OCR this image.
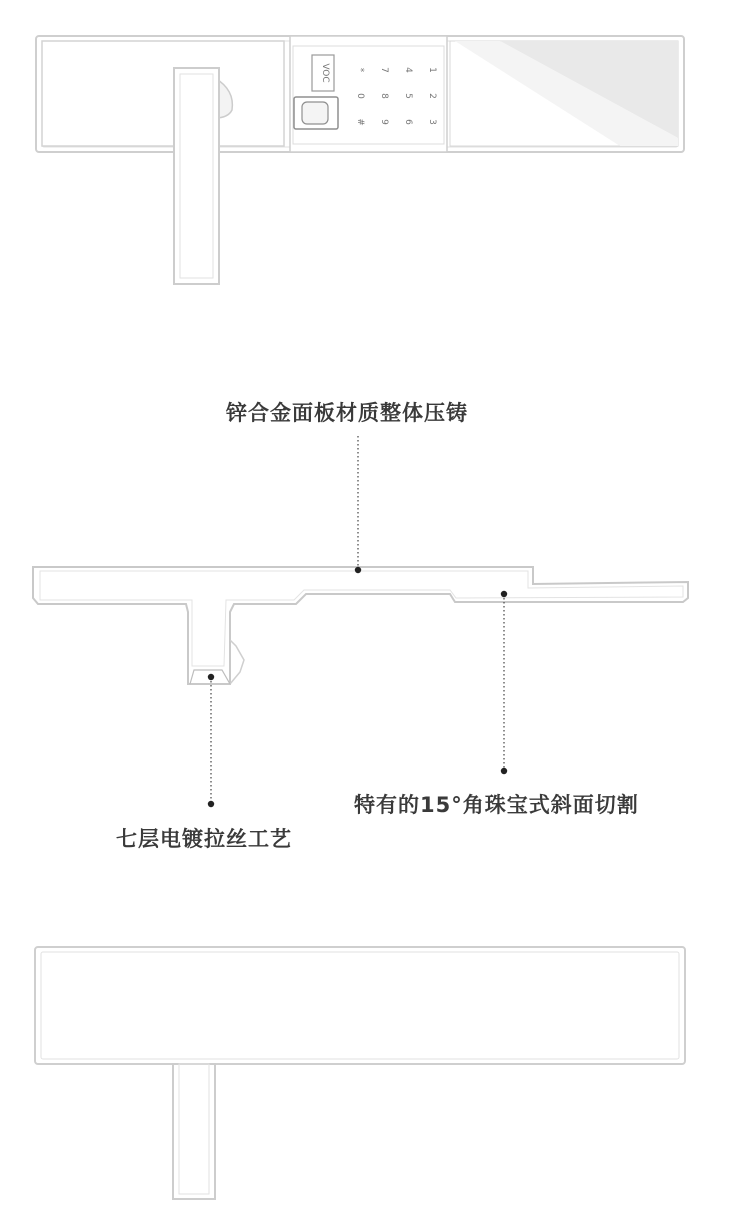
VOC	1
2
3
4
5
6
7
8
9
*
0
#
锌合金面板材质整体压铸
特有的15°角珠宝式斜面切割
七层电镀拉丝工艺
